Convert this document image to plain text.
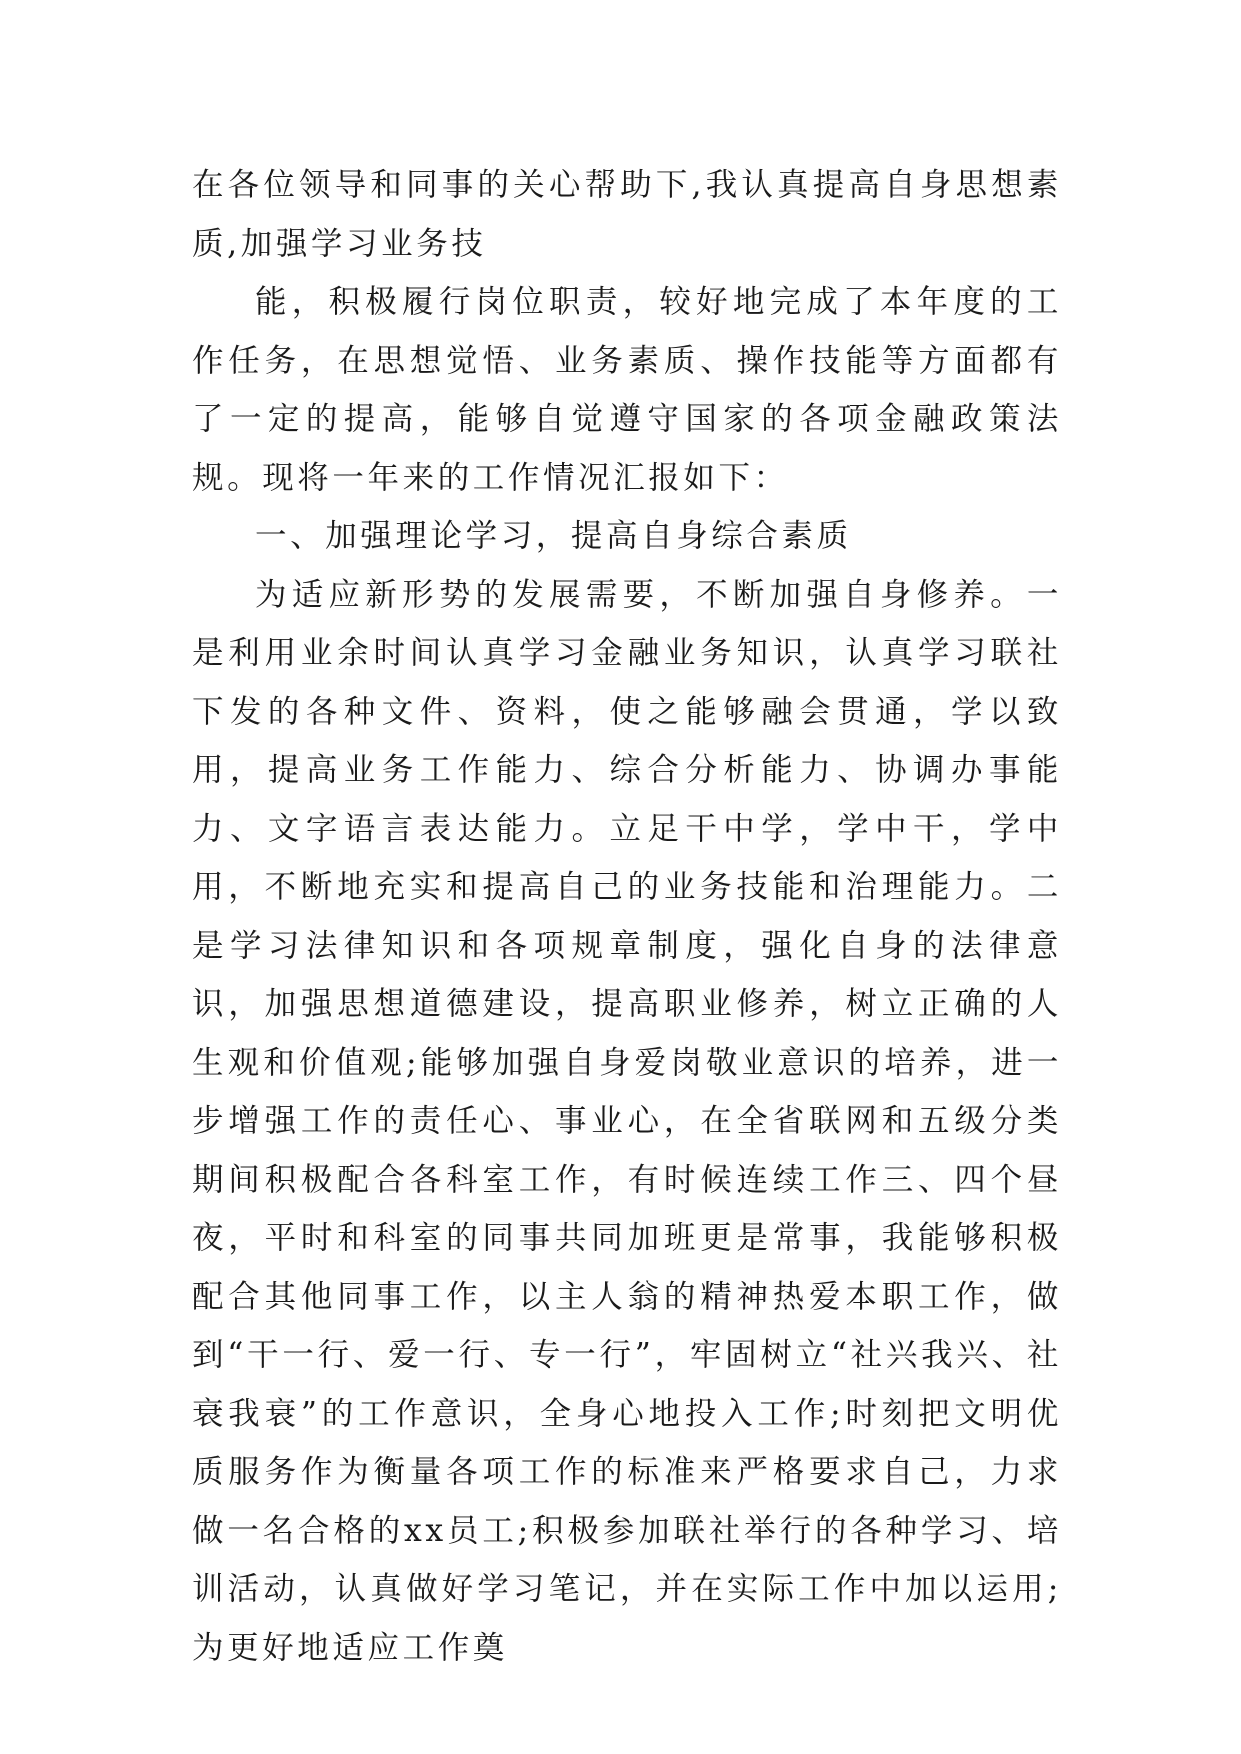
在各位领导和同事的关心帮助下,我认真提高自身思想素质,加强学习业务技

能，积极履行岗位职责，较好地完成了本年度的工作任务，在思想觉悟、业务素质、操作技能等方面都有了一定的提高，能够自觉遵守国家的各项金融政策法规。现将一年来的工作情况汇报如下：

一、加强理论学习，提高自身综合素质

为适应新形势的发展需要，不断加强自身修养。一是利用业余时间认真学习金融业务知识，认真学习联社下发的各种文件、资料，使之能够融会贯通，学以致用，提高业务工作能力、综合分析能力、协调办事能力、文字语言表达能力。立足干中学，学中干，学中用，不断地充实和提高自己的业务技能和治理能力。二是学习法律知识和各项规章制度，强化自身的法律意识，加强思想道德建设，提高职业修养，树立正确的人生观和价值观;能够加强自身爱岗敬业意识的培养，进一步增强工作的责任心、事业心，在全省联网和五级分类期间积极配合各科室工作，有时候连续工作三、四个昼夜，平时和科室的同事共同加班更是常事，我能够积极配合其他同事工作，以主人翁的精神热爱本职工作，做到“干一行、爱一行、专一行”，牢固树立“社兴我兴、社衰我衰”的工作意识，全身心地投入工作;时刻把文明优质服务作为衡量各项工作的标准来严格要求自己，力求做一名合格的xx员工;积极参加联社举行的各种学习、培训活动，认真做好学习笔记，并在实际工作中加以运用;为更好地适应工作奠
